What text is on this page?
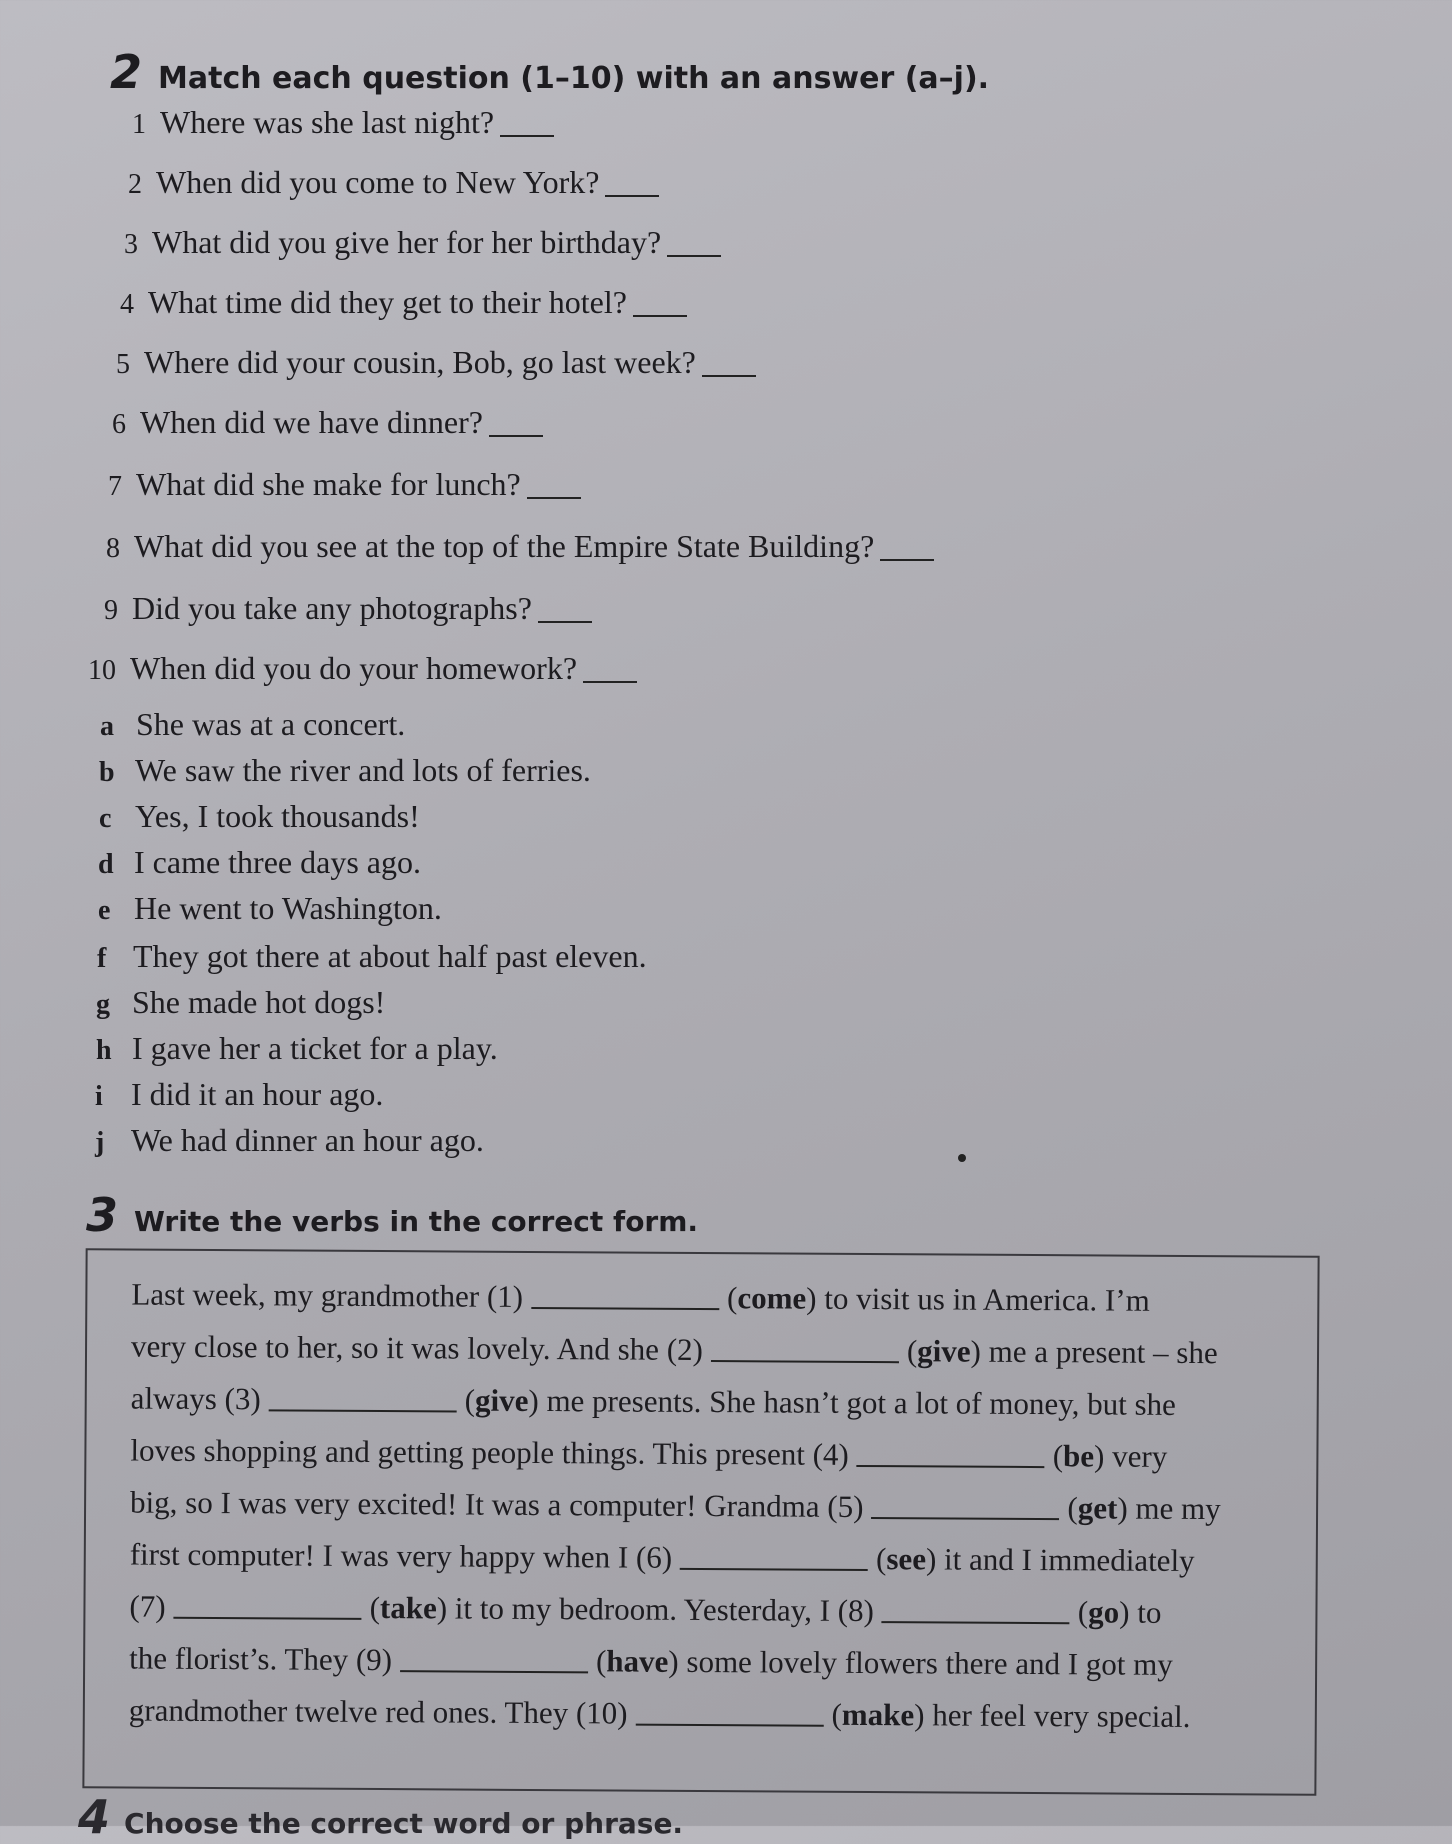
2 Match each question (1–10) with an answer (a–j).
1 Where was she last night?
2 When did you come to New York?
3 What did you give her for her birthday?
4 What time did they get to their hotel?
5 Where did your cousin, Bob, go last week?
6 When did we have dinner?
7 What did she make for lunch?
8 What did you see at the top of the Empire State Building?
9 Did you take any photographs?
10 When did you do your homework?
a She was at a concert.
b We saw the river and lots of ferries.
c Yes, I took thousands!
d I came three days ago.
e He went to Washington.
f They got there at about half past eleven.
g She made hot dogs!
h I gave her a ticket for a play.
i I did it an hour ago.
j We had dinner an hour ago.
3 Write the verbs in the correct form.
Last week, my grandmother (1)	(come) to visit us in America. I’m
very close to her, so it was lovely. And she (2)	(give) me a present – she
always (3)	(give) me presents. She hasn’t got a lot of money, but she
loves shopping and getting people things. This present (4)	(be) very
big, so I was very excited! It was a computer! Grandma (5)	(get) me my
first computer! I was very happy when I (6)	(see) it and I immediately
(7)	(take) it to my bedroom. Yesterday, I (8)	(go) to
the florist’s. They (9)	(have) some lovely flowers there and I got my
grandmother twelve red ones. They (10)	(make) her feel very special.
4 Choose the correct word or phrase.
